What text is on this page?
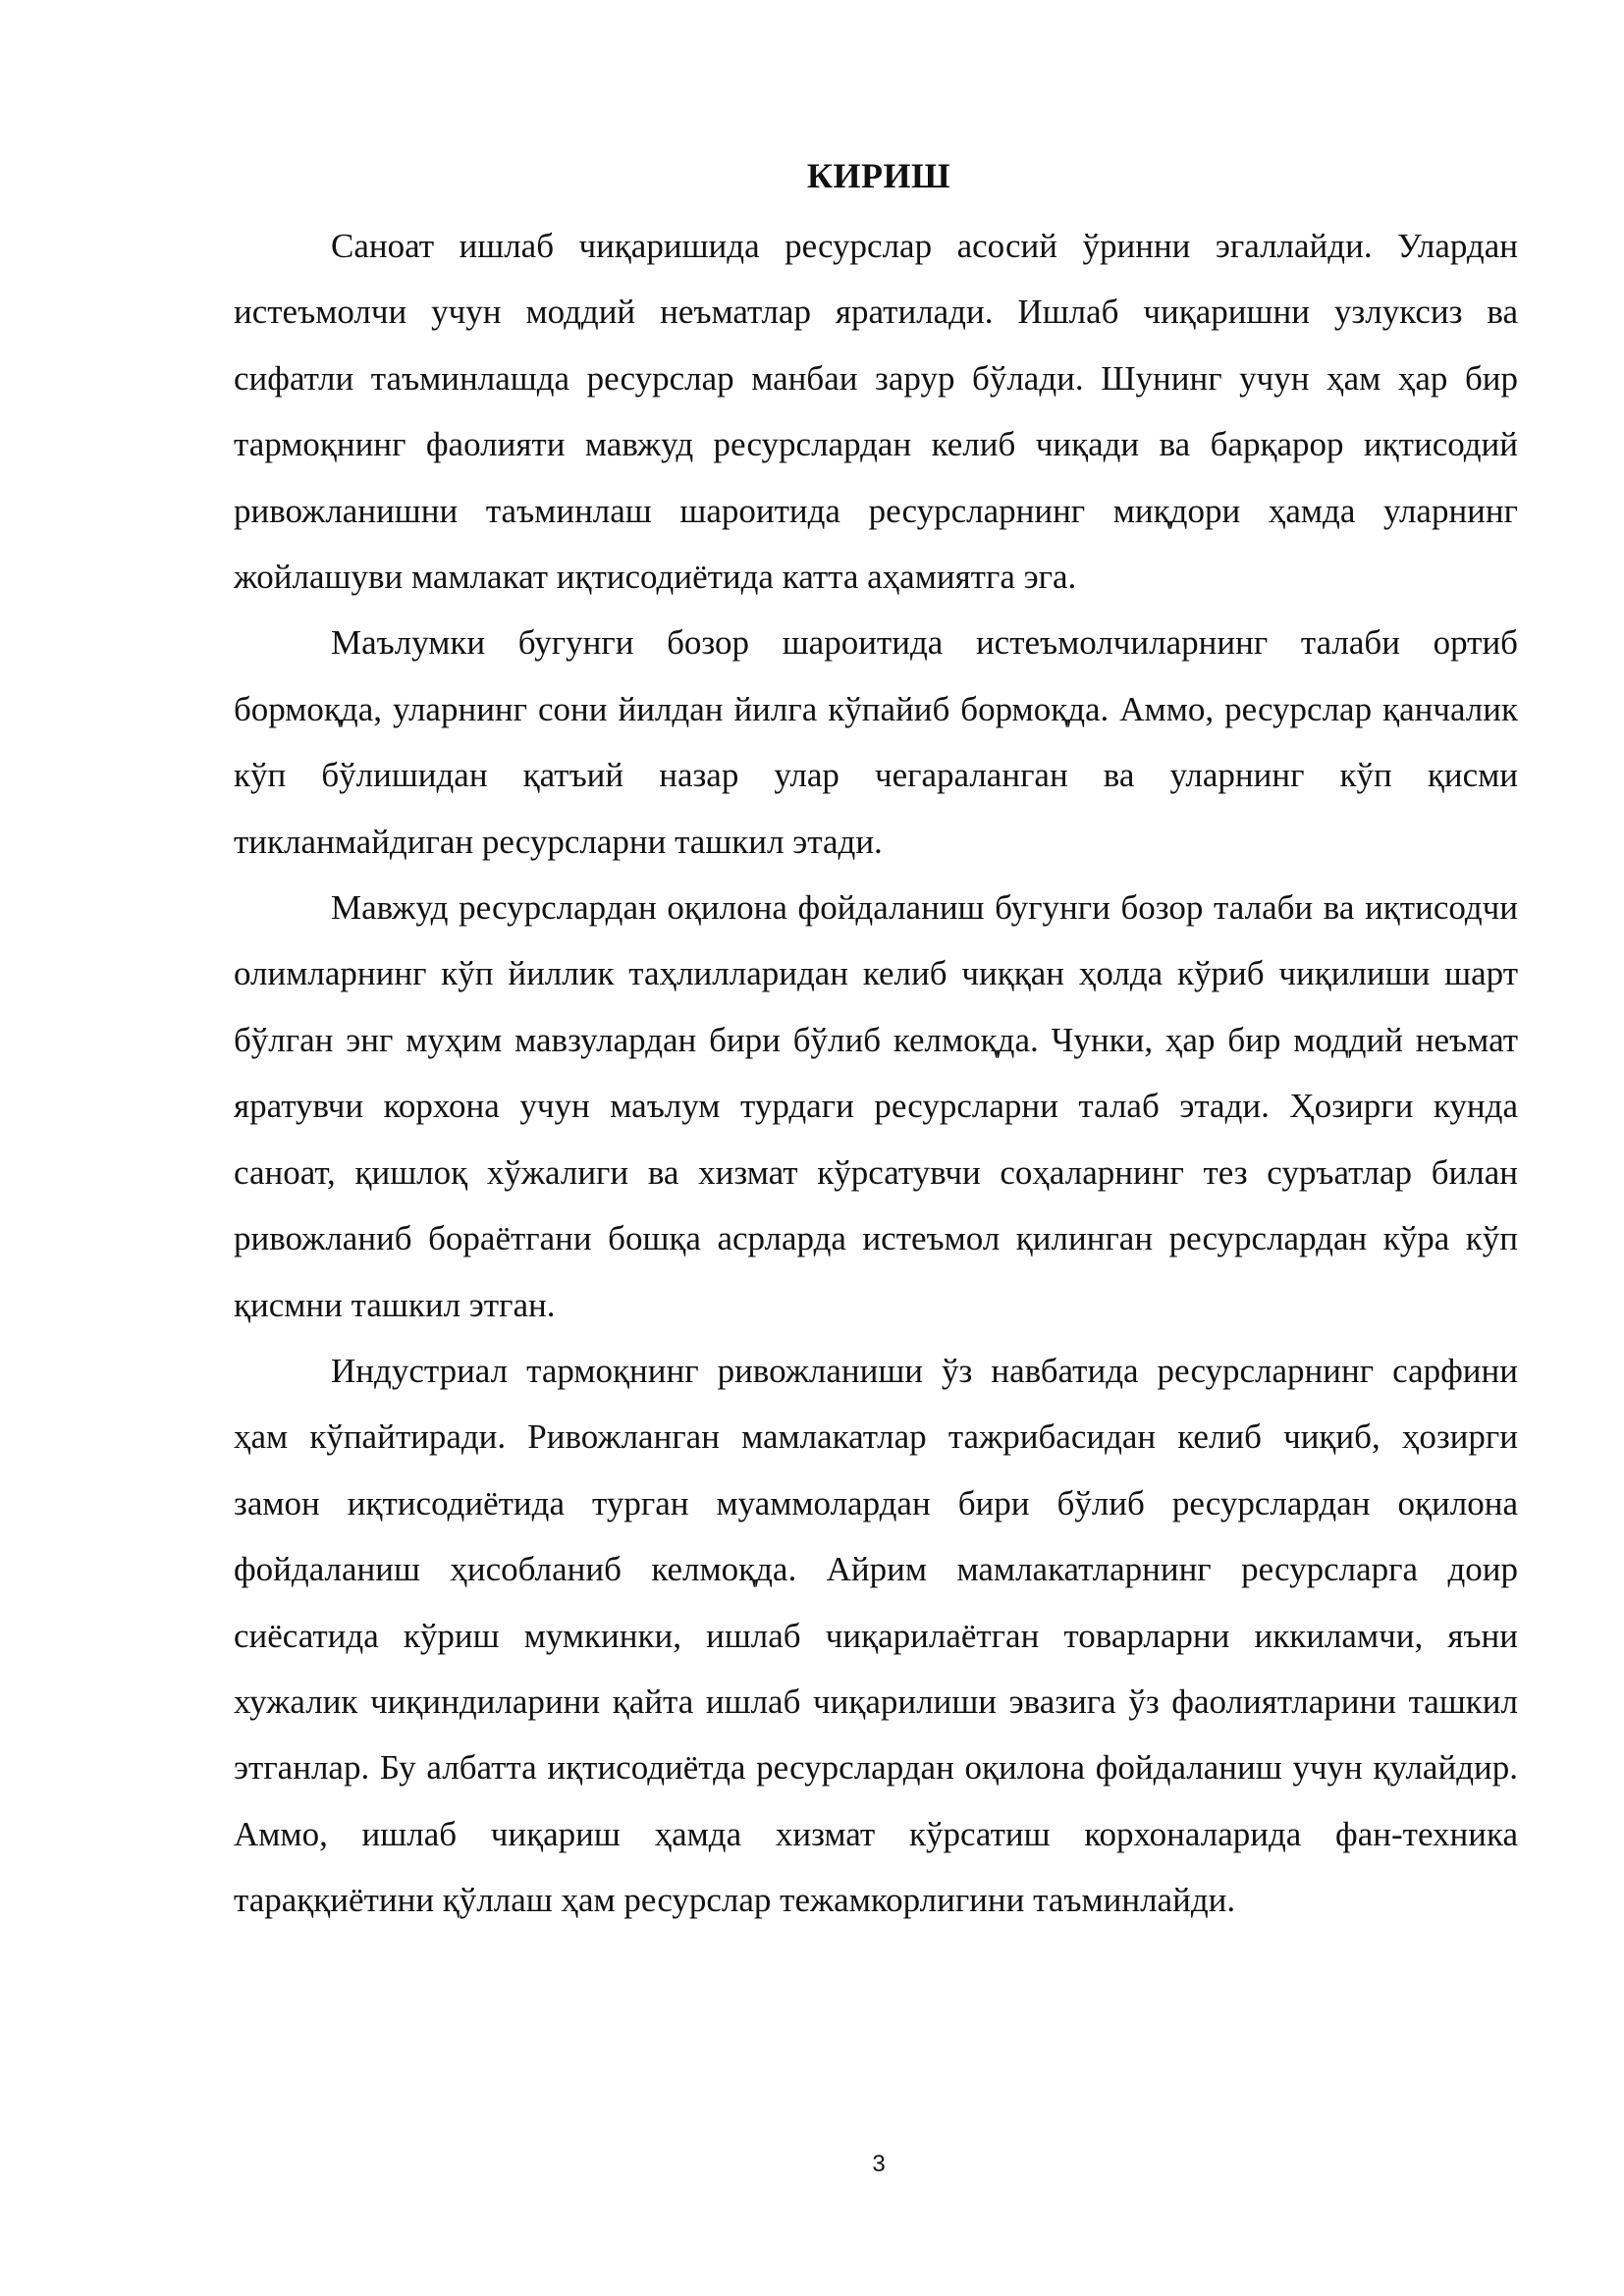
КИРИШ

Саноат ишлаб чиқаришида ресурслар асосий ўринни эгаллайди. Улардан истеъмолчи учун моддий неъматлар яратилади. Ишлаб чиқаришни узлуксиз ва сифатли таъминлашда ресурслар манбаи зарур бўлади. Шунинг учун ҳам ҳар бир тармоқнинг фаолияти мавжуд ресурслардан келиб чиқади ва барқарор иқтисодий ривожланишни таъминлаш шароитида ресурсларнинг миқдори ҳамда уларнинг жойлашуви мамлакат иқтисодиётида катта аҳамиятга эга.

Маълумки бугунги бозор шароитида истеъмолчиларнинг талаби ортиб бормоқда, уларнинг сони йилдан йилга кўпайиб бормоқда. Аммо, ресурслар қанчалик кўп бўлишидан қатъий назар улар чегараланган ва уларнинг кўп қисми тикланмайдиган ресурсларни ташкил этади.

Мавжуд ресурслардан оқилона фойдаланиш бугунги бозор талаби ва иқтисодчи олимларнинг кўп йиллик таҳлилларидан келиб чиққан ҳолда кўриб чиқилиши шарт бўлган энг муҳим мавзулардан бири бўлиб келмоқда. Чунки, ҳар бир моддий неъмат яратувчи корхона учун маълум турдаги ресурсларни талаб этади. Ҳозирги кунда саноат, қишлоқ хўжалиги ва хизмат кўрсатувчи соҳаларнинг тез суръатлар билан ривожланиб бораётгани бошқа асрларда истеъмол қилинган ресурслардан кўра кўп қисмни ташкил этган.

Индустриал тармоқнинг ривожланиши ўз навбатида ресурсларнинг сарфини ҳам кўпайтиради. Ривожланган мамлакатлар тажрибасидан келиб чиқиб, ҳозирги замон иқтисодиётида турган муаммолардан бири бўлиб ресурслардан оқилона фойдаланиш ҳисобланиб келмоқда. Айрим мамлакатларнинг ресурсларга доир сиёсатида кўриш мумкинки, ишлаб чиқарилаётган товарларни иккиламчи, яъни хужалик чиқиндиларини қайта ишлаб чиқарилиши эвазига ўз фаолиятларини ташкил этганлар. Бу албатта иқтисодиётда ресурслардан оқилона фойдаланиш учун қулайдир. Аммо, ишлаб чиқариш ҳамда хизмат кўрсатиш корхоналарида фан-техника тараққиётини қўллаш ҳам ресурслар тежамкорлигини таъминлайди.

3
